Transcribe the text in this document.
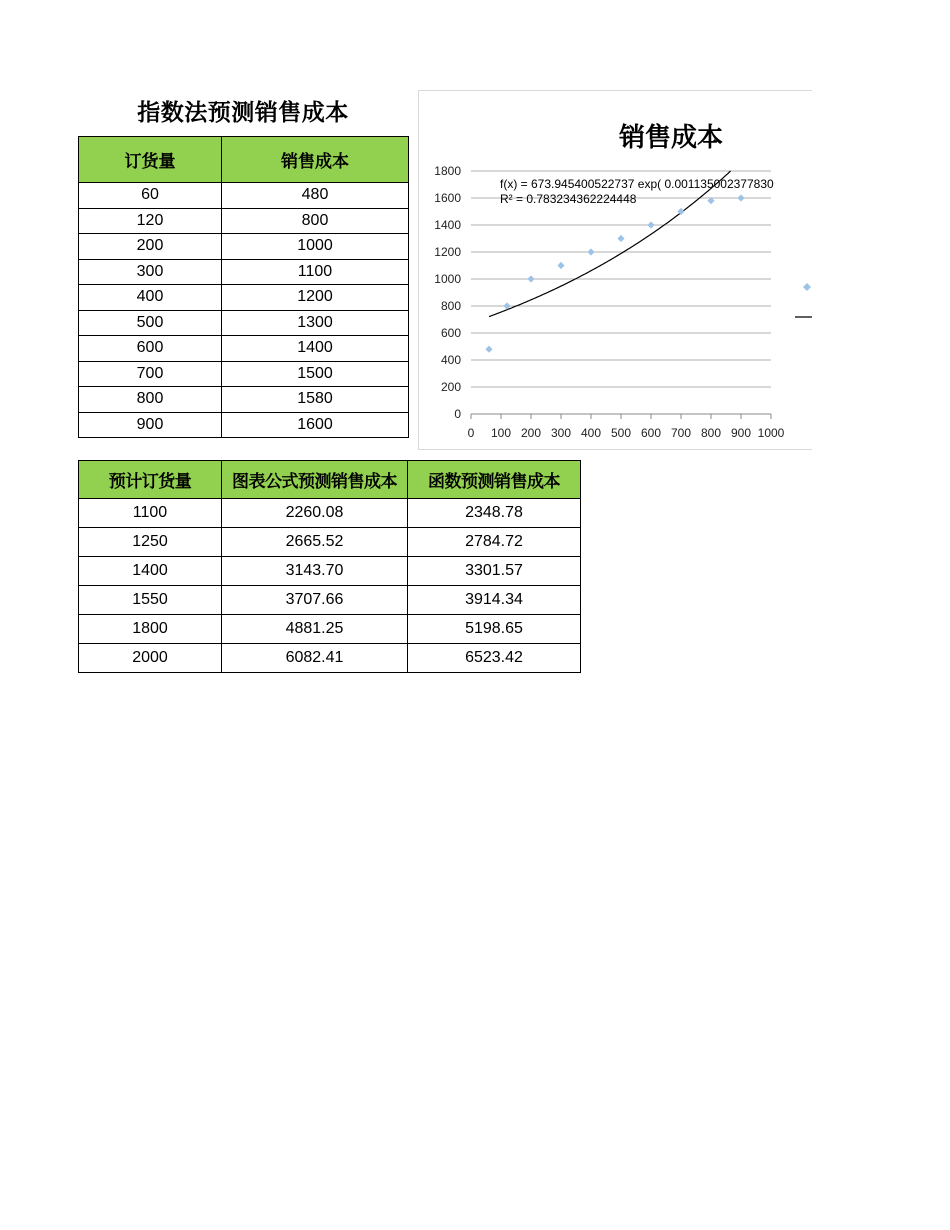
指数法预测销售成本
订货量	销售成本
60	480
120	800
200	1000
300	1100
400	1200
500	1300
600	1400
700	1500
800	1580
900	1600
预计订货量	图表公式预测销售成本	函数预测销售成本
1100	2260.08	2348.78
1250	2665.52	2784.72
1400	3143.70	3301.57
1550	3707.66	3914.34
1800	4881.25	5198.65
2000	6082.41	6523.42
销售成本
0
200
400
600
800
1000
1200
1400
1600
1800
0 100 200 300 400 500 600 700 800 900 1000
f(x) = 673.945400522737 exp( 0.001135002377830
R² = 0.783234362224448
